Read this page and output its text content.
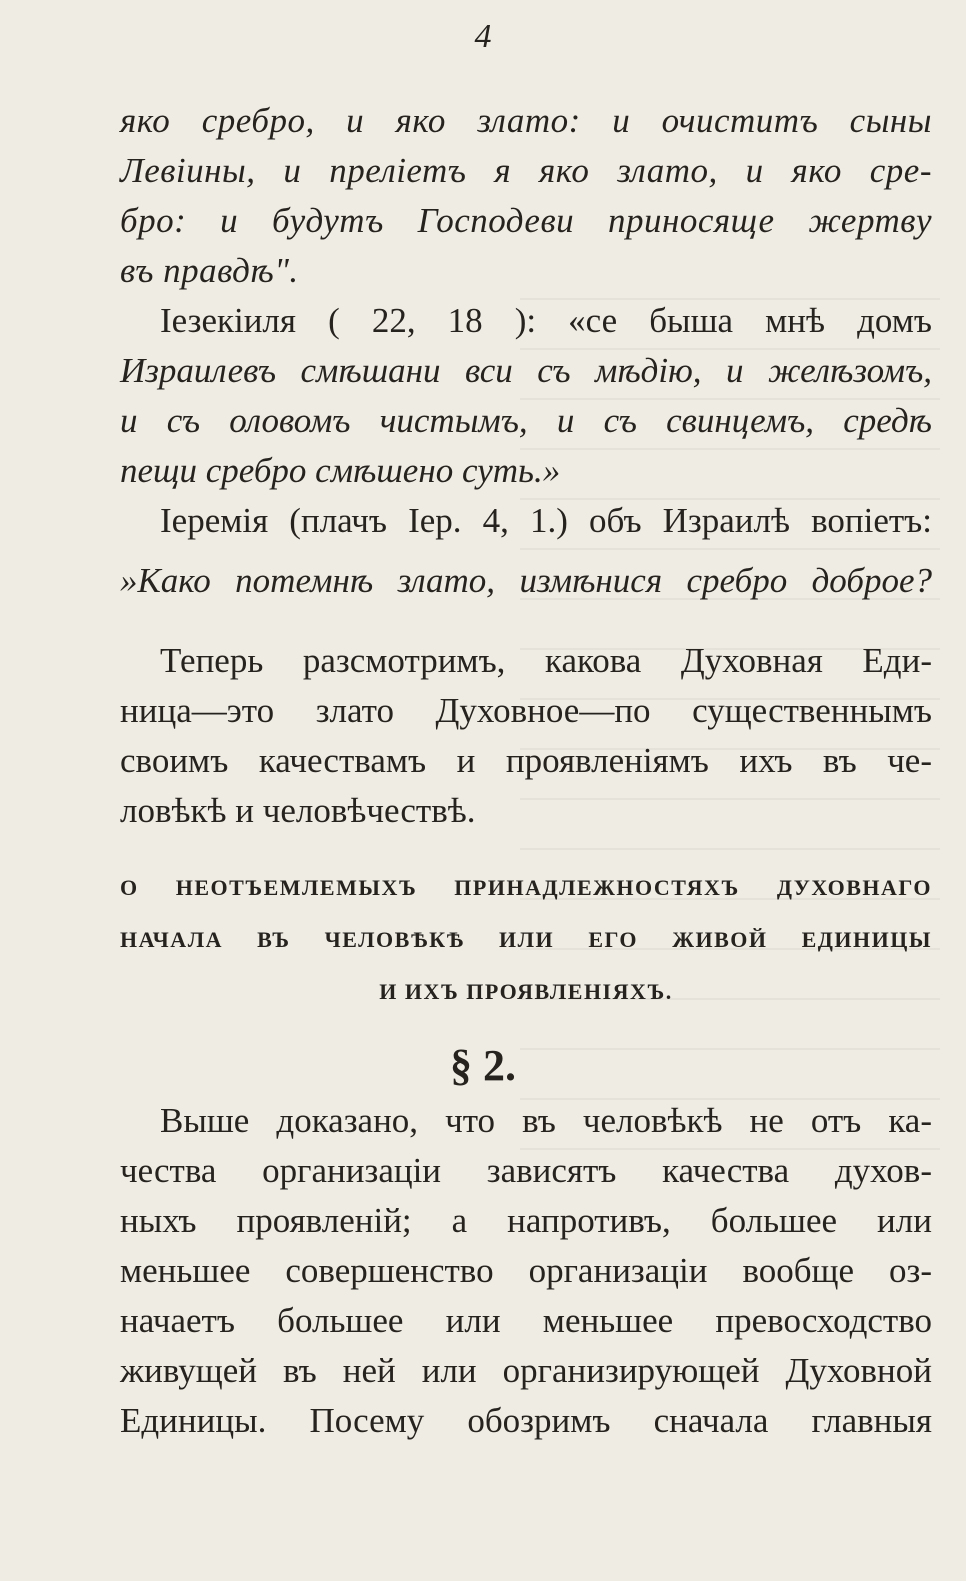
4
яко сребро, и яко злато: и очиститъ сыны
Левіины, и преліетъ я яко злато, и яко сре-
бро: и будутъ Господеви приносяще жертву
въ правдѣ".
Іезекіиля ( 22, 18 ): «се быша мнѣ домъ
Израилевъ смѣшани вси съ мѣдію, и желѣзомъ,
и съ оловомъ чистымъ, и съ свинцемъ, средѣ
пещи сребро смѣшено суть.»
Іеремія (плачъ Іер. 4, 1.) объ Израилѣ вопіетъ:
»Како потемнѣ злато, измѣнися сребро доброе?
Теперь разсмотримъ, какова Духовная Еди-
ница—это злато Духовное—по существеннымъ
своимъ качествамъ и проявленіямъ ихъ въ че-
ловѣкѣ и человѣчествѣ.
О НЕОТЪЕМЛЕМЫХЪ ПРИНАДЛЕЖНОСТЯХЪ ДУХОВНАГО
НАЧАЛА ВЪ ЧЕЛОВѢКѢ ИЛИ ЕГО ЖИВОЙ ЕДИНИЦЫ
И ИХЪ ПРОЯВЛЕНІЯХЪ.
§ 2.
Выше доказано, что въ человѣкѣ не отъ ка-
чества организаціи зависятъ качества духов-
ныхъ проявленій; а напротивъ, большее или
меньшее совершенство организаціи вообще оз-
начаетъ большее или меньшее превосходство
живущей въ ней или организирующей Духовной
Единицы. Посему обозримъ сначала главныя
